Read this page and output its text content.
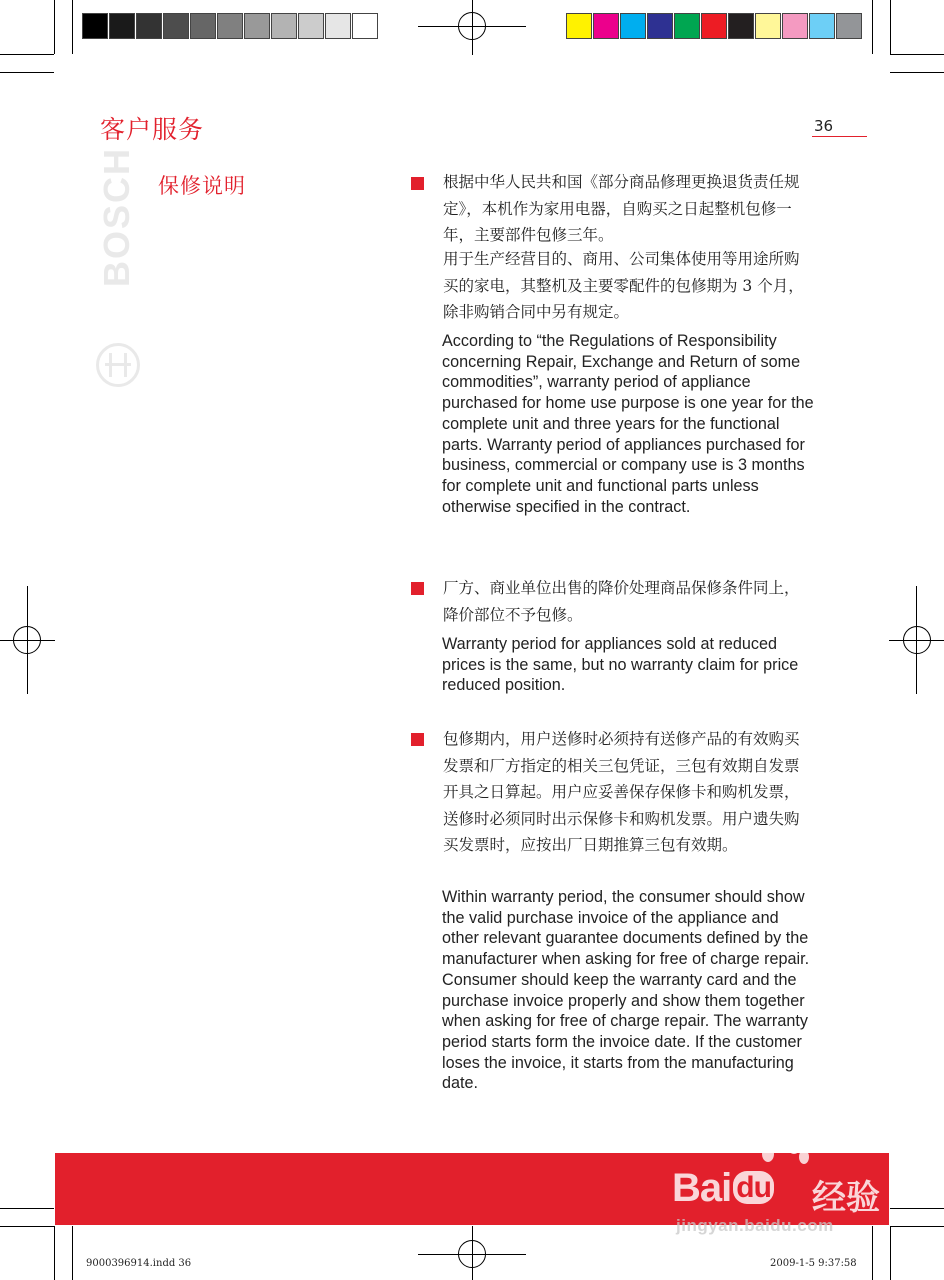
客户服务	36
保修说明
BOSCH	根据中华人民共和国《部分商品修理更换退货责任规定》，本机作为家用电器，自购买之日起整机包修一年，主要部件包修三年。

用于生产经营目的、商用、公司集体使用等用途所购买的家电，其整机及主要零配件的包修期为 3 个月，除非购销合同中另有规定。

According to “the Regulations of Responsibility concerning Repair, Exchange and Return of some commodities”, warranty period of appliance purchased for home use purpose is one year for the complete unit and three years for the functional parts. Warranty period of appliances purchased for business, commercial or company use is 3 months for complete unit and functional parts unless otherwise specified in the contract.

厂方、商业单位出售的降价处理商品保修条件同上，降价部位不予包修。

Warranty period for appliances sold at reduced prices is the same, but no warranty claim for price reduced position.

包修期内，用户送修时必须持有送修产品的有效购买发票和厂方指定的相关三包凭证，三包有效期自发票开具之日算起。用户应妥善保存保修卡和购机发票，送修时必须同时出示保修卡和购机发票。用户遗失购买发票时，应按出厂日期推算三包有效期。

Within warranty period, the consumer should show the valid purchase invoice of the appliance and other relevant guarantee documents defined by the manufacturer when asking for free of charge repair. Consumer should keep the warranty card and the purchase invoice properly and show them together when asking for free of charge repair. The warranty period starts form the invoice date. If the customer loses the invoice, it starts from the manufacturing date.

Bai du 经验
jingyan.baidu.com
9000396914.indd 36	2009-1-5 9:37:58
